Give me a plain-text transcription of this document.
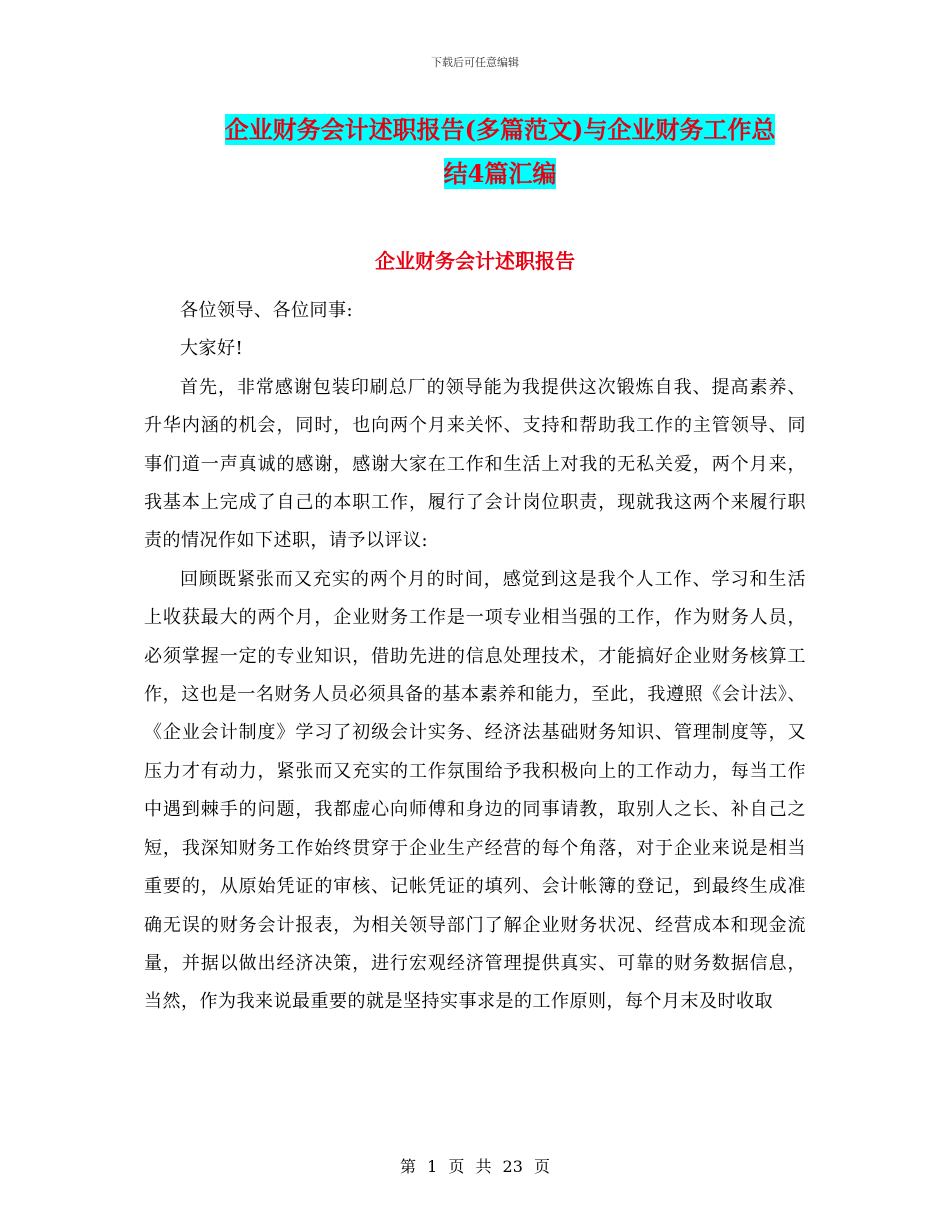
下载后可任意编辑
企业财务会计述职报告(多篇范文)与企业财务工作总
结4篇汇编
企业财务会计述职报告

各位领导、各位同事:

大家好!

首先，非常感谢包装印刷总厂的领导能为我提供这次锻炼自我、提高素养、升华内涵的机会，同时，也向两个月来关怀、支持和帮助我工作的主管领导、同事们道一声真诚的感谢，感谢大家在工作和生活上对我的无私关爱，两个月来，我基本上完成了自己的本职工作，履行了会计岗位职责，现就我这两个来履行职责的情况作如下述职，请予以评议:

回顾既紧张而又充实的两个月的时间，感觉到这是我个人工作、学习和生活上收获最大的两个月，企业财务工作是一项专业相当强的工作，作为财务人员，必须掌握一定的专业知识，借助先进的信息处理技术，才能搞好企业财务核算工作，这也是一名财务人员必须具备的基本素养和能力，至此，我遵照《会计法》、《企业会计制度》学习了初级会计实务、经济法基础财务知识、管理制度等，又压力才有动力，紧张而又充实的工作氛围给予我积极向上的工作动力，每当工作中遇到棘手的问题，我都虚心向师傅和身边的同事请教，取别人之长、补自己之短，我深知财务工作始终贯穿于企业生产经营的每个角落，对于企业来说是相当重要的，从原始凭证的审核、记帐凭证的填列、会计帐簿的登记，到最终生成准确无误的财务会计报表，为相关领导部门了解企业财务状况、经营成本和现金流量，并据以做出经济决策，进行宏观经济管理提供真实、可靠的财务数据信息，当然，作为我来说最重要的就是坚持实事求是的工作原则，每个月末及时收取

第 1 页 共 23 页
